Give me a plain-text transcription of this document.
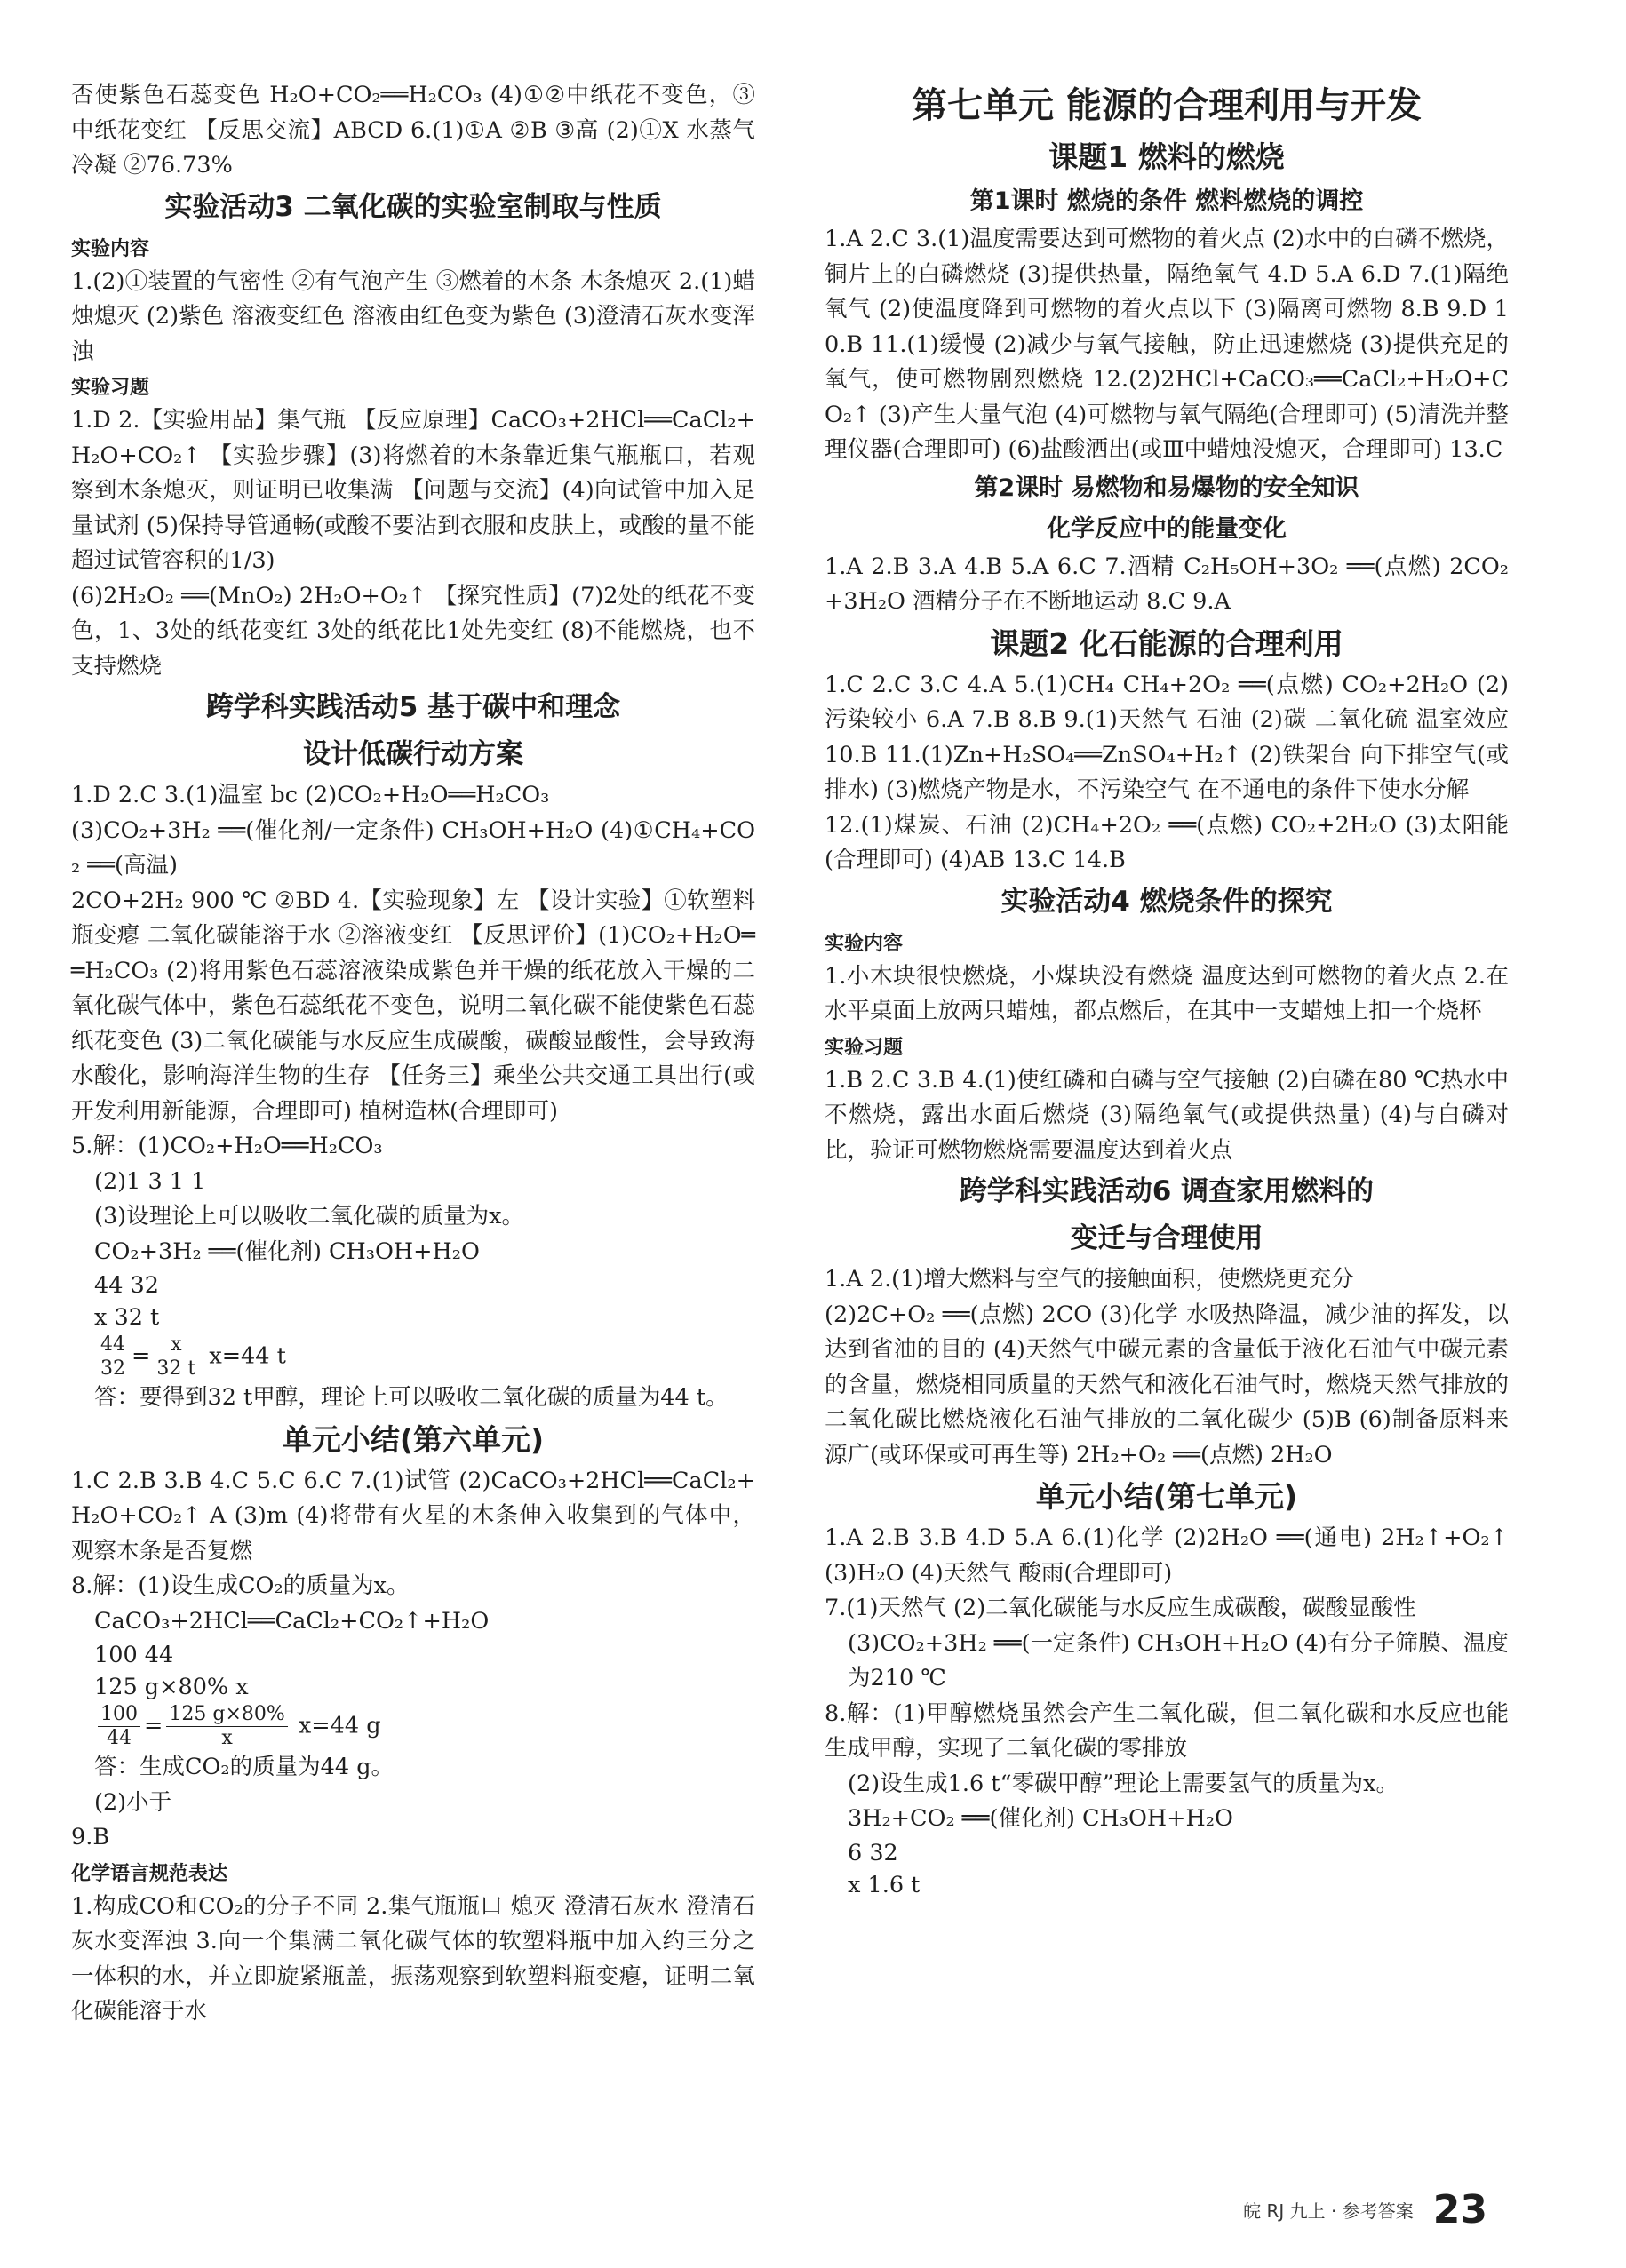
否使紫色石蕊变色 H₂O+CO₂══H₂CO₃ (4)①②中纸花不变色，③中纸花变红 【反思交流】ABCD 6.(1)①A ②B ③高 (2)①X 水蒸气冷凝 ②76.73%

实验活动3 二氧化碳的实验室制取与性质

实验内容

1.(2)①装置的气密性 ②有气泡产生 ③燃着的木条 木条熄灭 2.(1)蜡烛熄灭 (2)紫色 溶液变红色 溶液由红色变为紫色 (3)澄清石灰水变浑浊

实验习题

1.D 2.【实验用品】集气瓶 【反应原理】CaCO₃+2HCl══CaCl₂+H₂O+CO₂↑ 【实验步骤】(3)将燃着的木条靠近集气瓶瓶口，若观察到木条熄灭，则证明已收集满 【问题与交流】(4)向试管中加入足量试剂 (5)保持导管通畅(或酸不要沾到衣服和皮肤上，或酸的量不能超过试管容积的1/3)

(6)2H₂O₂ ══(MnO₂) 2H₂O+O₂↑ 【探究性质】(7)2处的纸花不变色，1、3处的纸花变红 3处的纸花比1处先变红 (8)不能燃烧，也不支持燃烧

跨学科实践活动5 基于碳中和理念
设计低碳行动方案

1.D 2.C 3.(1)温室 bc (2)CO₂+H₂O══H₂CO₃

(3)CO₂+3H₂ ══(催化剂/一定条件) CH₃OH+H₂O (4)①CH₄+CO₂ ══(高温)

2CO+2H₂ 900 ℃ ②BD 4.【实验现象】左 【设计实验】①软塑料瓶变瘪 二氧化碳能溶于水 ②溶液变红 【反思评价】(1)CO₂+H₂O══H₂CO₃ (2)将用紫色石蕊溶液染成紫色并干燥的纸花放入干燥的二氧化碳气体中，紫色石蕊纸花不变色，说明二氧化碳不能使紫色石蕊纸花变色 (3)二氧化碳能与水反应生成碳酸，碳酸显酸性，会导致海水酸化，影响海洋生物的生存 【任务三】乘坐公共交通工具出行(或开发利用新能源，合理即可) 植树造林(合理即可)

5.解：(1)CO₂+H₂O══H₂CO₃

(2)1 3 1 1

(3)设理论上可以吸收二氧化碳的质量为x。

CO₂+3H₂ ══(催化剂) CH₃OH+H₂O

44 32

x 32 t

$\frac{44}{32} = \frac{x}{32 t} x=44$ t

答：要得到32 t甲醇，理论上可以吸收二氧化碳的质量为44 t。

单元小结(第六单元)

1.C 2.B 3.B 4.C 5.C 6.C 7.(1)试管 (2)CaCO₃+2HCl══CaCl₂+H₂O+CO₂↑ A (3)m (4)将带有火星的木条伸入收集到的气体中，观察木条是否复燃

8.解：(1)设生成CO₂的质量为x。

CaCO₃+2HCl══CaCl₂+CO₂↑+H₂O

100 44

125 g×80% x

$\frac{100}{44} = \frac{125 g\times 80\%}{x} x=44$ g

答：生成CO₂的质量为44 g。

(2)小于

9.B

化学语言规范表达

1.构成CO和CO₂的分子不同 2.集气瓶瓶口 熄灭 澄清石灰水 澄清石灰水变浑浊 3.向一个集满二氧化碳气体的软塑料瓶中加入约三分之一体积的水，并立即旋紧瓶盖，振荡观察到软塑料瓶变瘪，证明二氧化碳能溶于水

第七单元 能源的合理利用与开发
课题1 燃料的燃烧
第1课时 燃烧的条件 燃料燃烧的调控

1.A 2.C 3.(1)温度需要达到可燃物的着火点 (2)水中的白磷不燃烧，铜片上的白磷燃烧 (3)提供热量，隔绝氧气 4.D 5.A 6.D 7.(1)隔绝氧气 (2)使温度降到可燃物的着火点以下 (3)隔离可燃物 8.B 9.D 10.B 11.(1)缓慢 (2)减少与氧气接触，防止迅速燃烧 (3)提供充足的氧气，使可燃物剧烈燃烧 12.(2)2HCl+CaCO₃══CaCl₂+H₂O+CO₂↑ (3)产生大量气泡 (4)可燃物与氧气隔绝(合理即可) (5)清洗并整理仪器(合理即可) (6)盐酸洒出(或Ⅲ中蜡烛没熄灭，合理即可) 13.C

第2课时 易燃物和易爆物的安全知识
化学反应中的能量变化

1.A 2.B 3.A 4.B 5.A 6.C 7.酒精 C₂H₅OH+3O₂ ══(点燃) 2CO₂+3H₂O 酒精分子在不断地运动 8.C 9.A

课题2 化石能源的合理利用

1.C 2.C 3.C 4.A 5.(1)CH₄ CH₄+2O₂ ══(点燃) CO₂+2H₂O (2)污染较小 6.A 7.B 8.B 9.(1)天然气 石油 (2)碳 二氧化硫 温室效应 10.B 11.(1)Zn+H₂SO₄══ZnSO₄+H₂↑ (2)铁架台 向下排空气(或排水) (3)燃烧产物是水，不污染空气 在不通电的条件下使水分解

12.(1)煤炭、石油 (2)CH₄+2O₂ ══(点燃) CO₂+2H₂O (3)太阳能(合理即可) (4)AB 13.C 14.B

实验活动4 燃烧条件的探究

实验内容

1.小木块很快燃烧，小煤块没有燃烧 温度达到可燃物的着火点 2.在水平桌面上放两只蜡烛，都点燃后，在其中一支蜡烛上扣一个烧杯

实验习题

1.B 2.C 3.B 4.(1)使红磷和白磷与空气接触 (2)白磷在80 ℃热水中不燃烧，露出水面后燃烧 (3)隔绝氧气(或提供热量) (4)与白磷对比，验证可燃物燃烧需要温度达到着火点

跨学科实践活动6 调查家用燃料的
变迁与合理使用

1.A 2.(1)增大燃料与空气的接触面积，使燃烧更充分

(2)2C+O₂ ══(点燃) 2CO (3)化学 水吸热降温，减少油的挥发，以达到省油的目的 (4)天然气中碳元素的含量低于液化石油气中碳元素的含量，燃烧相同质量的天然气和液化石油气时，燃烧天然气排放的二氧化碳比燃烧液化石油气排放的二氧化碳少 (5)B (6)制备原料来源广(或环保或可再生等) 2H₂+O₂ ══(点燃) 2H₂O

单元小结(第七单元)

1.A 2.B 3.B 4.D 5.A 6.(1)化学 (2)2H₂O ══(通电) 2H₂↑+O₂↑ (3)H₂O (4)天然气 酸雨(合理即可)

7.(1)天然气 (2)二氧化碳能与水反应生成碳酸，碳酸显酸性

(3)CO₂+3H₂ ══(一定条件) CH₃OH+H₂O (4)有分子筛膜、温度为210 ℃

8.解：(1)甲醇燃烧虽然会产生二氧化碳，但二氧化碳和水反应也能生成甲醇，实现了二氧化碳的零排放

(2)设生成1.6 t“零碳甲醇”理论上需要氢气的质量为x。

3H₂+CO₂ ══(催化剂) CH₃OH+H₂O

6 32

x 1.6 t

皖 RJ 九上 · 参考答案 23
